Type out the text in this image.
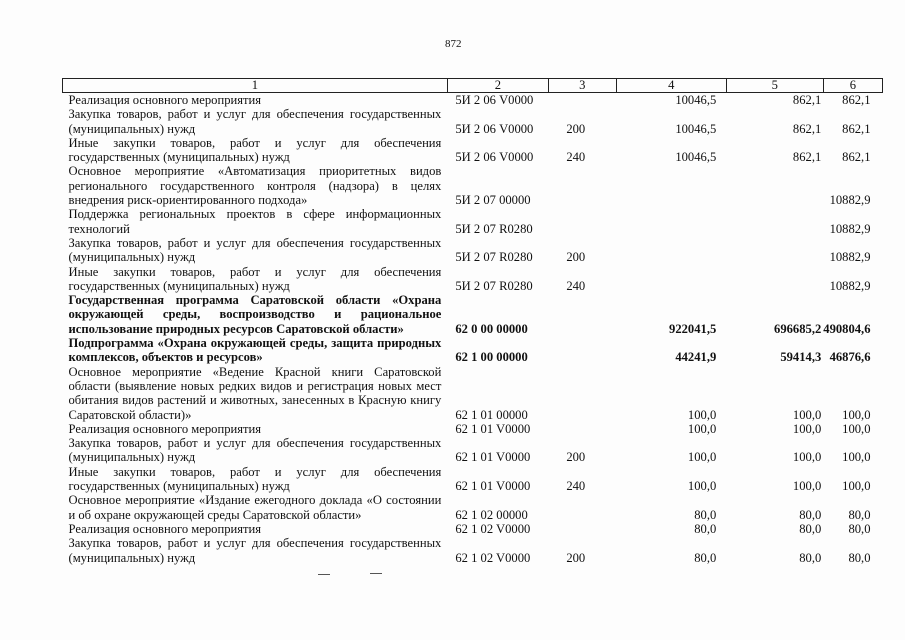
872
1	2	3	4	5	6
Реализация основного мероприятия	5И 2 06 V0000		10046,5	862,1	862,1
Закупка товаров, работ и услуг для обеспечения государственных (муниципальных) нужд	5И 2 06 V0000	200	10046,5	862,1	862,1
Иные закупки товаров, работ и услуг для обеспечения государственных (муниципальных) нужд	5И 2 06 V0000	240	10046,5	862,1	862,1
Основное мероприятие «Автоматизация приоритетных видов регионального государственного контроля (надзора) в целях внедрения риск-ориентированного подхода»	5И 2 07 00000				10882,9
Поддержка региональных проектов в сфере информационных технологий	5И 2 07 R0280				10882,9
Закупка товаров, работ и услуг для обеспечения государственных (муниципальных) нужд	5И 2 07 R0280	200			10882,9
Иные закупки товаров, работ и услуг для обеспечения государственных (муниципальных) нужд	5И 2 07 R0280	240			10882,9
Государственная программа Саратовской области «Охрана окружающей среды, воспроизводство и рациональное использование природных ресурсов Саратовской области»	62 0 00 00000		922041,5	696685,2	490804,6
Подпрограмма «Охрана окружающей среды, защита природных комплексов, объектов и ресурсов»	62 1 00 00000		44241,9	59414,3	46876,6
Основное мероприятие «Ведение Красной книги Саратовской области (выявление новых редких видов и регистрация новых мест обитания видов растений и животных, занесенных в Красную книгу Саратовской области)»	62 1 01 00000		100,0	100,0	100,0
Реализация основного мероприятия	62 1 01 V0000		100,0	100,0	100,0
Закупка товаров, работ и услуг для обеспечения государственных (муниципальных) нужд	62 1 01 V0000	200	100,0	100,0	100,0
Иные закупки товаров, работ и услуг для обеспечения государственных (муниципальных) нужд	62 1 01 V0000	240	100,0	100,0	100,0
Основное мероприятие «Издание ежегодного доклада «О состоянии и об охране окружающей среды Саратовской области»	62 1 02 00000		80,0	80,0	80,0
Реализация основного мероприятия	62 1 02 V0000		80,0	80,0	80,0
Закупка товаров, работ и услуг для обеспечения государственных (муниципальных) нужд	62 1 02 V0000	200	80,0	80,0	80,0
